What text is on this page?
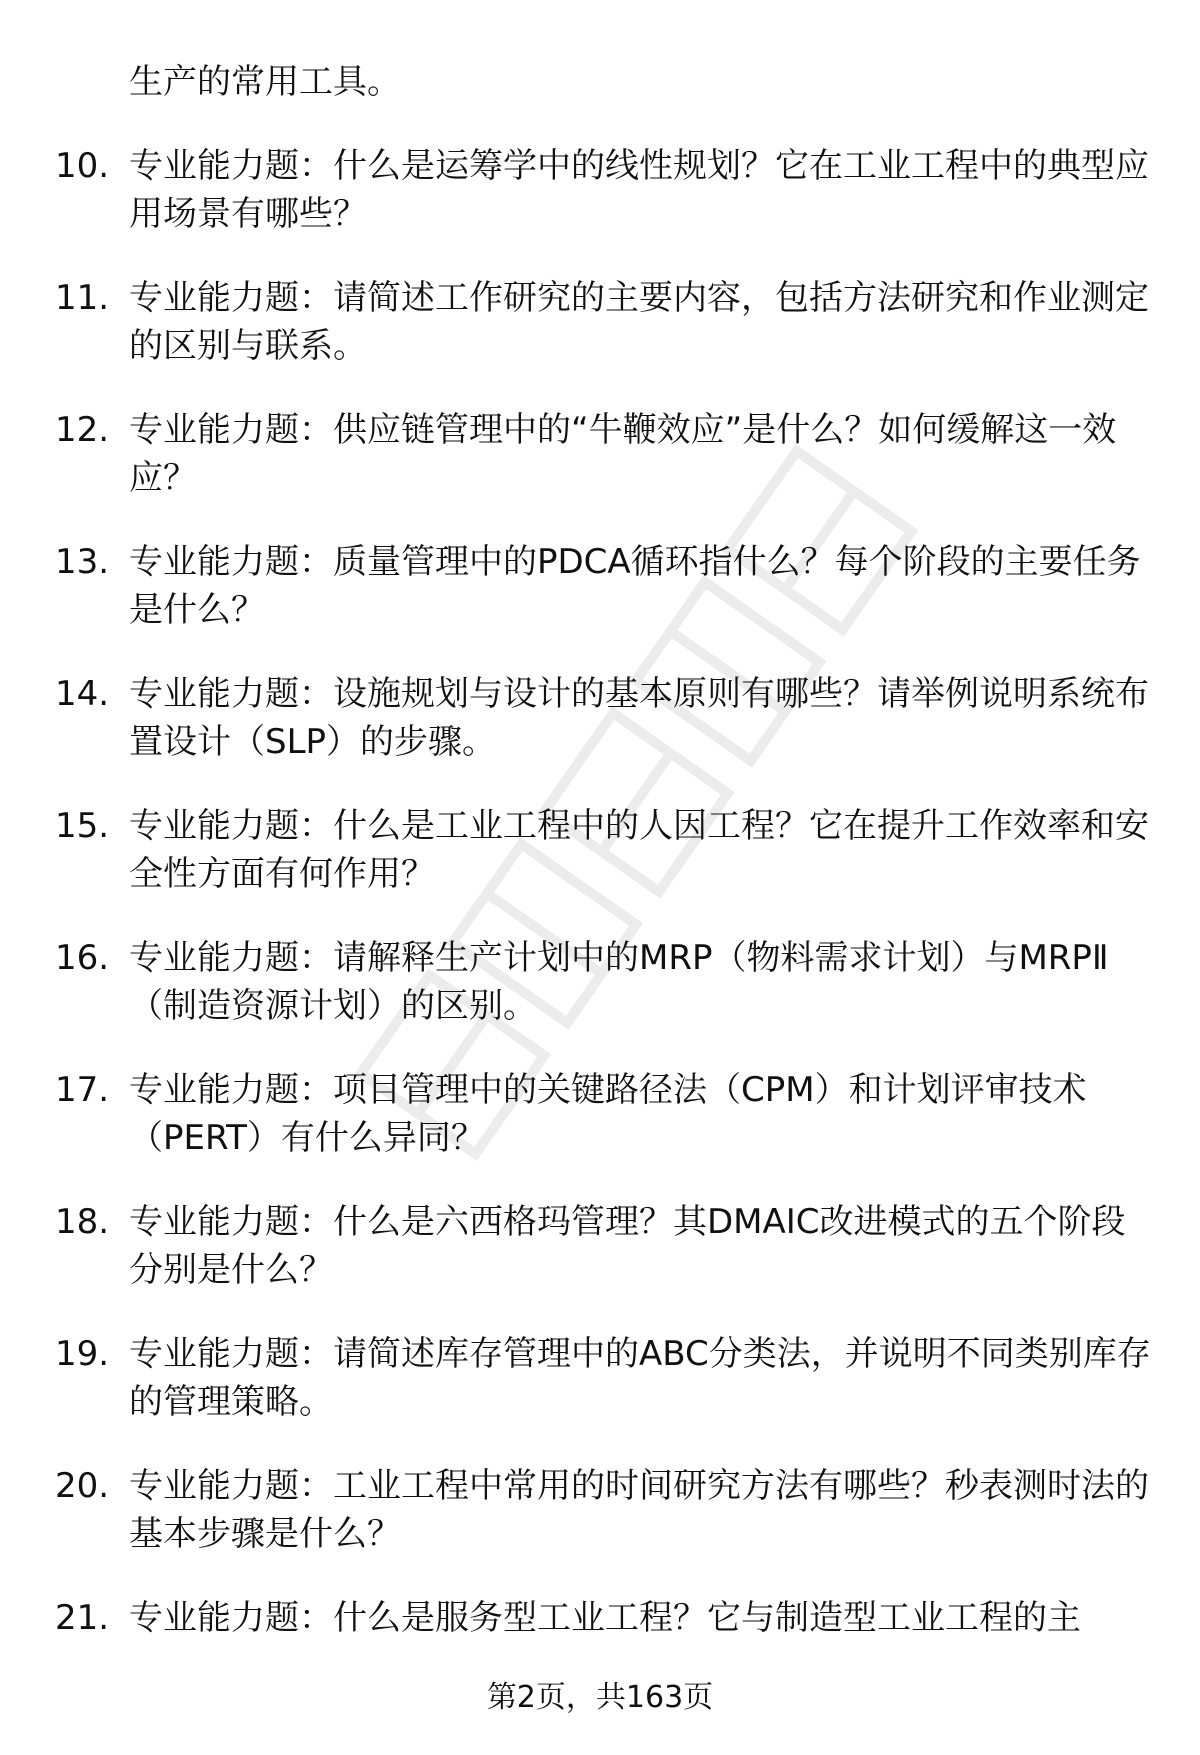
生产的常用工具。
10. 专业能力题：什么是运筹学中的线性规划？它在工业工程中的典型应用场景有哪些？
11. 专业能力题：请简述工作研究的主要内容，包括方法研究和作业测定的区别与联系。
12. 专业能力题：供应链管理中的“牛鞭效应”是什么？如何缓解这一效应？
13. 专业能力题：质量管理中的PDCA循环指什么？每个阶段的主要任务是什么？
14. 专业能力题：设施规划与设计的基本原则有哪些？请举例说明系统布置设计（SLP）的步骤。
15. 专业能力题：什么是工业工程中的人因工程？它在提升工作效率和安全性方面有何作用？
16. 专业能力题：请解释生产计划中的MRP（物料需求计划）与MRPⅡ（制造资源计划）的区别。
17. 专业能力题：项目管理中的关键路径法（CPM）和计划评审技术（PERT）有什么异同？
18. 专业能力题：什么是六西格玛管理？其DMAIC改进模式的五个阶段分别是什么？
19. 专业能力题：请简述库存管理中的ABC分类法，并说明不同类别库存的管理策略。
20. 专业能力题：工业工程中常用的时间研究方法有哪些？秒表测时法的基本步骤是什么？
21. 专业能力题：什么是服务型工业工程？它与制造型工业工程的主
第2页，共163页
